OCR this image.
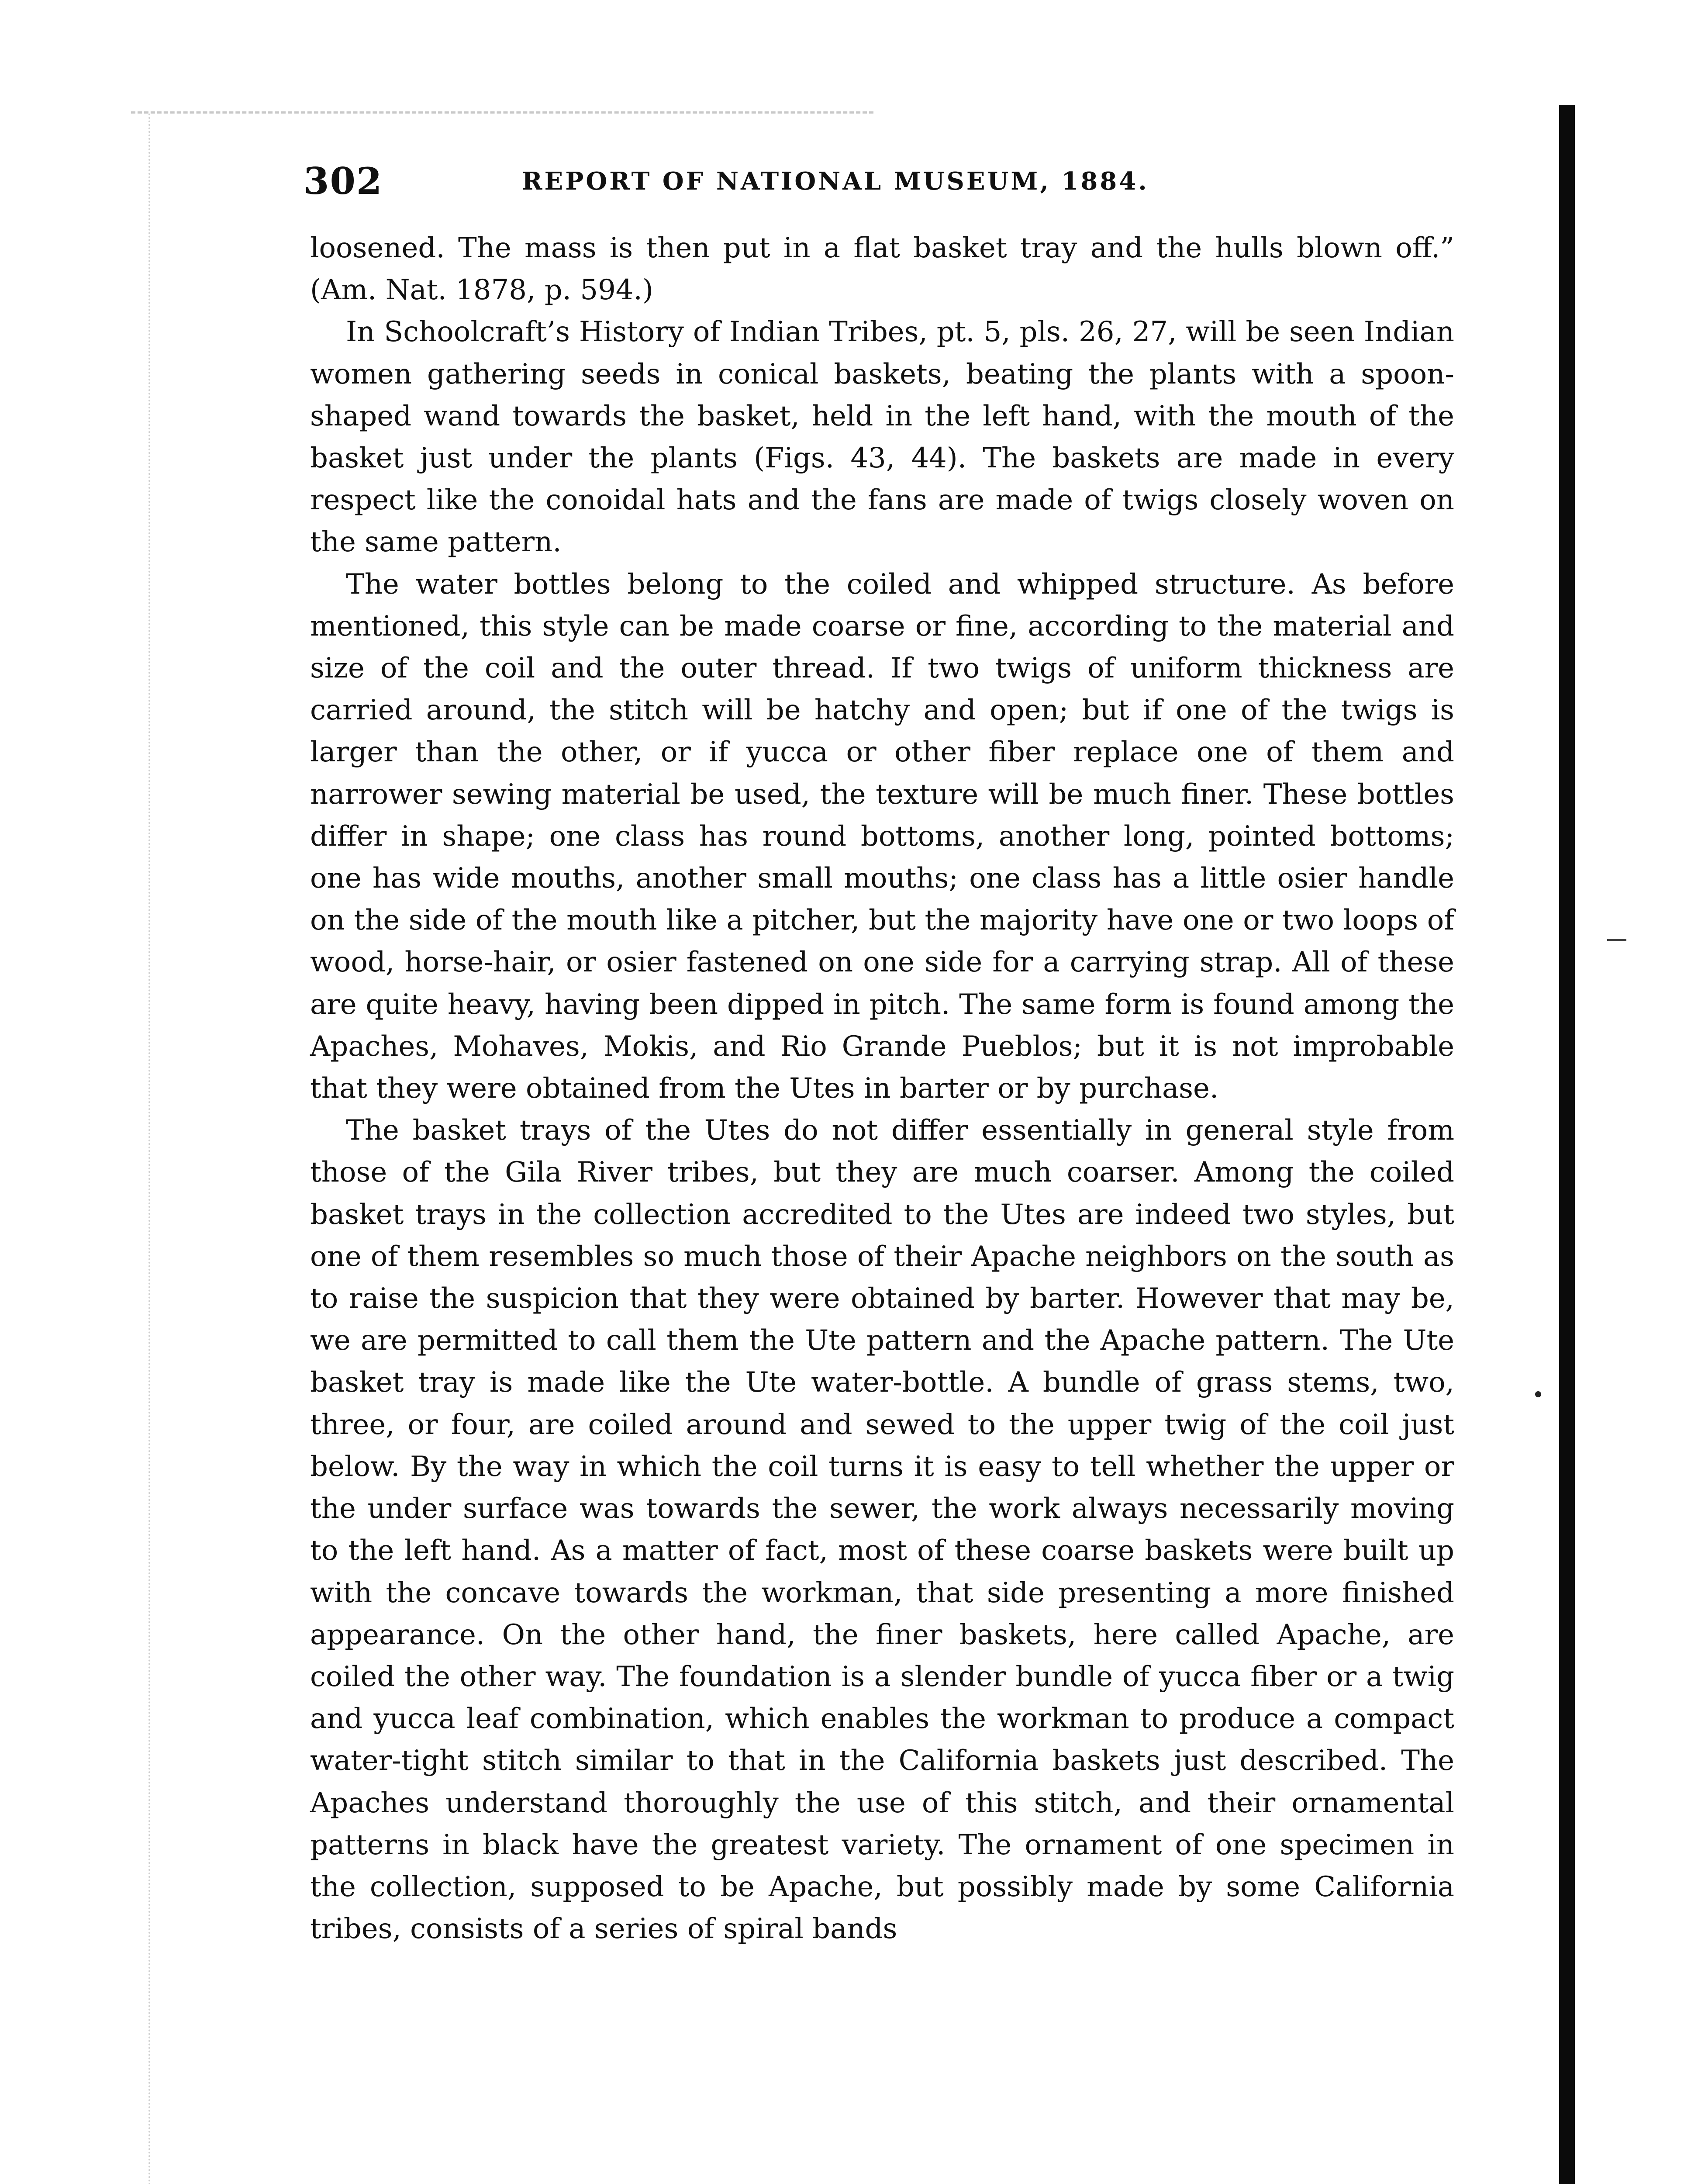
302	REPORT OF NATIONAL MUSEUM, 1884.

loosened. The mass is then put in a flat basket tray and the hulls blown off.” (Am. Nat. 1878, p. 594.)

In Schoolcraft’s History of Indian Tribes, pt. 5, pls. 26, 27, will be seen Indian women gathering seeds in conical baskets, beating the plants with a spoon-shaped wand towards the basket, held in the left hand, with the mouth of the basket just under the plants (Figs. 43, 44). The baskets are made in every respect like the conoidal hats and the fans are made of twigs closely woven on the same pattern.

The water bottles belong to the coiled and whipped structure. As before mentioned, this style can be made coarse or fine, according to the material and size of the coil and the outer thread. If two twigs of uniform thickness are carried around, the stitch will be hatchy and open; but if one of the twigs is larger than the other, or if yucca or other fiber replace one of them and narrower sewing material be used, the texture will be much finer. These bottles differ in shape; one class has round bottoms, another long, pointed bottoms; one has wide mouths, another small mouths; one class has a little osier handle on the side of the mouth like a pitcher, but the majority have one or two loops of wood, horse-hair, or osier fastened on one side for a carrying strap. All of these are quite heavy, having been dipped in pitch. The same form is found among the Apaches, Mohaves, Mokis, and Rio Grande Pueblos; but it is not improbable that they were obtained from the Utes in barter or by purchase.

The basket trays of the Utes do not differ essentially in general style from those of the Gila River tribes, but they are much coarser. Among the coiled basket trays in the collection accredited to the Utes are indeed two styles, but one of them resembles so much those of their Apache neighbors on the south as to raise the suspicion that they were obtained by barter. However that may be, we are permitted to call them the Ute pattern and the Apache pattern. The Ute basket tray is made like the Ute water-bottle. A bundle of grass stems, two, three, or four, are coiled around and sewed to the upper twig of the coil just below. By the way in which the coil turns it is easy to tell whether the upper or the under surface was towards the sewer, the work always necessarily moving to the left hand. As a matter of fact, most of these coarse baskets were built up with the concave towards the workman, that side presenting a more finished appearance. On the other hand, the finer baskets, here called Apache, are coiled the other way. The foundation is a slender bundle of yucca fiber or a twig and yucca leaf combination, which enables the workman to produce a compact water-tight stitch similar to that in the California baskets just described. The Apaches understand thoroughly the use of this stitch, and their ornamental patterns in black have the greatest variety. The ornament of one specimen in the collection, supposed to be Apache, but possibly made by some California tribes, consists of a series of spiral bands
